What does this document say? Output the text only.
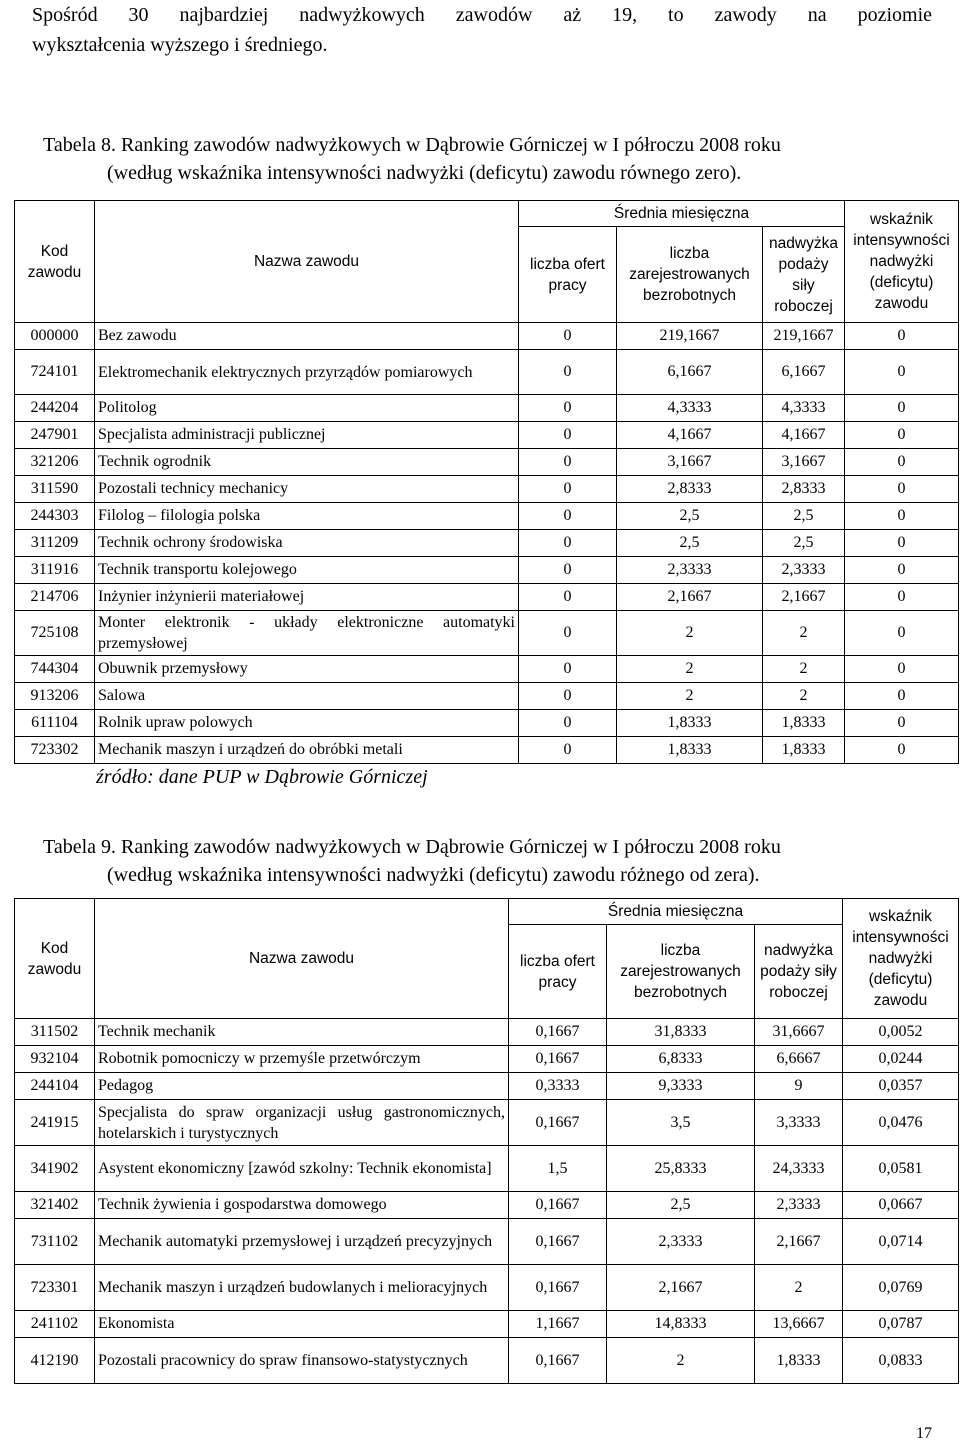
Spośród 30 najbardziej nadwyżkowych zawodów aż 19, to zawody na poziomie
wykształcenia wyższego i średniego.

Tabela 8. Ranking zawodów nadwyżkowych w Dąbrowie Górniczej w I półroczu 2008 roku
(według wskaźnika intensywności nadwyżki (deficytu) zawodu równego zero).

Kod zawodu	Nazwa zawodu	Średnia miesięczna			wskaźnik intensywności nadwyżki (deficytu) zawodu
		liczba ofert pracy	liczba zarejestrowanych bezrobotnych	nadwyżka podaży siły roboczej	
000000	Bez zawodu	0	219,1667	219,1667	0
724101	Elektromechanik elektrycznych przyrządów pomiarowych	0	6,1667	6,1667	0
244204	Politolog	0	4,3333	4,3333	0
247901	Specjalista administracji publicznej	0	4,1667	4,1667	0
321206	Technik ogrodnik	0	3,1667	3,1667	0
311590	Pozostali technicy mechanicy	0	2,8333	2,8333	0
244303	Filolog – filologia polska	0	2,5	2,5	0
311209	Technik ochrony środowiska	0	2,5	2,5	0
311916	Technik transportu kolejowego	0	2,3333	2,3333	0
214706	Inżynier inżynierii materiałowej	0	2,1667	2,1667	0
725108	Monter elektronik - układy elektroniczne automatyki przemysłowej	0	2	2	0
744304	Obuwnik przemysłowy	0	2	2	0
913206	Salowa	0	2	2	0
611104	Rolnik upraw polowych	0	1,8333	1,8333	0
723302	Mechanik maszyn i urządzeń do obróbki metali	0	1,8333	1,8333	0

źródło: dane PUP w Dąbrowie Górniczej

Tabela 9. Ranking zawodów nadwyżkowych w Dąbrowie Górniczej w I półroczu 2008 roku
(według wskaźnika intensywności nadwyżki (deficytu) zawodu różnego od zera).

Kod zawodu	Nazwa zawodu	Średnia miesięczna			wskaźnik intensywności nadwyżki (deficytu) zawodu
		liczba ofert pracy	liczba zarejestrowanych bezrobotnych	nadwyżka podaży siły roboczej	
311502	Technik mechanik	0,1667	31,8333	31,6667	0,0052
932104	Robotnik pomocniczy w przemyśle przetwórczym	0,1667	6,8333	6,6667	0,0244
244104	Pedagog	0,3333	9,3333	9	0,0357
241915	Specjalista do spraw organizacji usług gastronomicznych, hotelarskich i turystycznych	0,1667	3,5	3,3333	0,0476
341902	Asystent ekonomiczny [zawód szkolny: Technik ekonomista]	1,5	25,8333	24,3333	0,0581
321402	Technik żywienia i gospodarstwa domowego	0,1667	2,5	2,3333	0,0667
731102	Mechanik automatyki przemysłowej i urządzeń precyzyjnych	0,1667	2,3333	2,1667	0,0714
723301	Mechanik maszyn i urządzeń budowlanych i melioracyjnych	0,1667	2,1667	2	0,0769
241102	Ekonomista	1,1667	14,8333	13,6667	0,0787
412190	Pozostali pracownicy do spraw finansowo-statystycznych	0,1667	2	1,8333	0,0833

17
